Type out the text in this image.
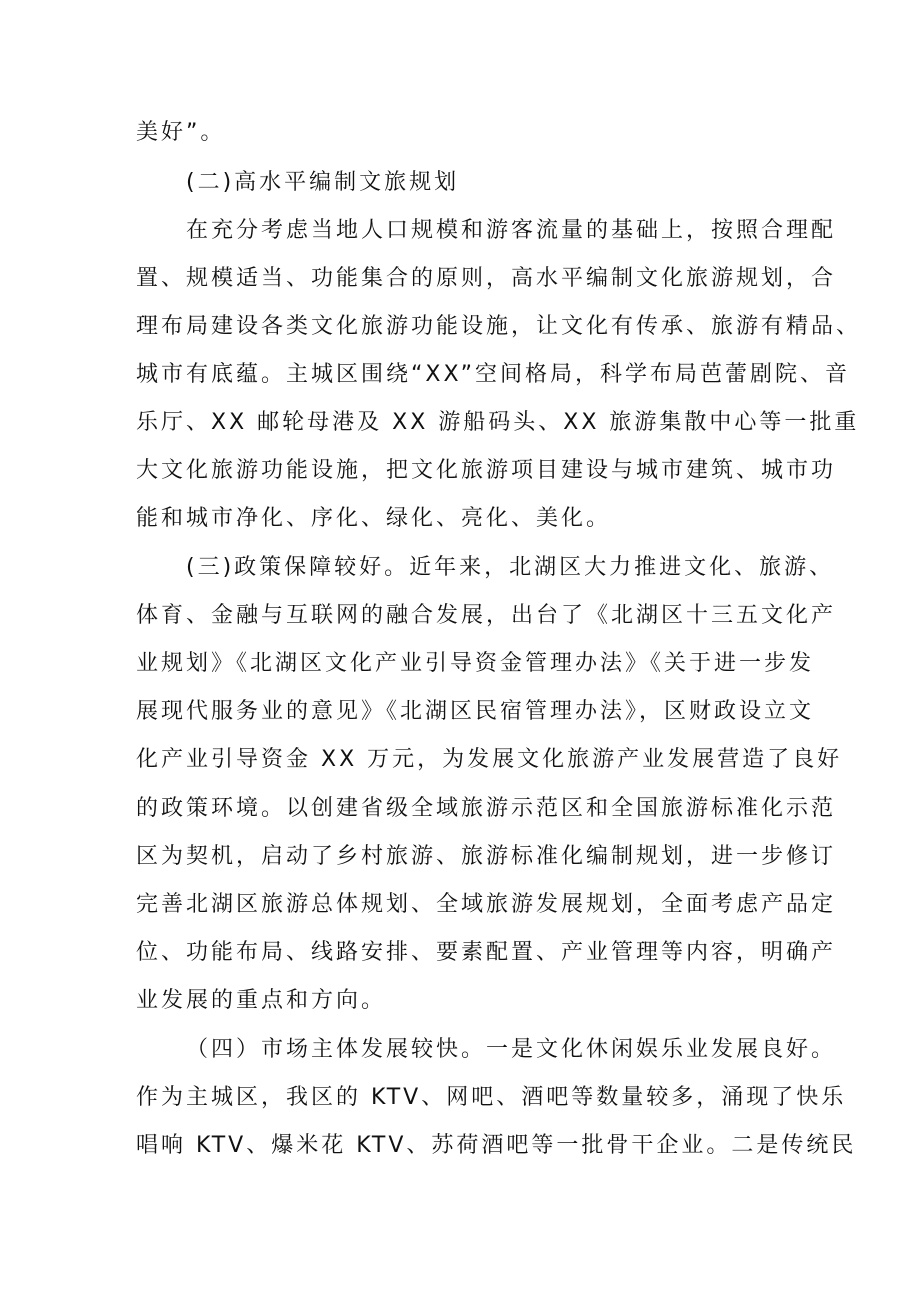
美好”。

(二)高水平编制文旅规划

在充分考虑当地人口规模和游客流量的基础上，按照合理配

置、规模适当、功能集合的原则，高水平编制文化旅游规划，合

理布局建设各类文化旅游功能设施，让文化有传承、旅游有精品、

城市有底蕴。主城区围绕“XX”空间格局，科学布局芭蕾剧院、音

乐厅、XX 邮轮母港及 XX 游船码头、XX 旅游集散中心等一批重

大文化旅游功能设施，把文化旅游项目建设与城市建筑、城市功

能和城市净化、序化、绿化、亮化、美化。

(三)政策保障较好。近年来，北湖区大力推进文化、旅游、

体育、金融与互联网的融合发展，出台了《北湖区十三五文化产

业规划》《北湖区文化产业引导资金管理办法》《关于进一步发

展现代服务业的意见》《北湖区民宿管理办法》，区财政设立文

化产业引导资金 XX 万元，为发展文化旅游产业发展营造了良好

的政策环境。以创建省级全域旅游示范区和全国旅游标准化示范

区为契机，启动了乡村旅游、旅游标准化编制规划，进一步修订

完善北湖区旅游总体规划、全域旅游发展规划，全面考虑产品定

位、功能布局、线路安排、要素配置、产业管理等内容，明确产

业发展的重点和方向。

（四）市场主体发展较快。一是文化休闲娱乐业发展良好。

作为主城区，我区的 KTV、网吧、酒吧等数量较多，涌现了快乐

唱响 KTV、爆米花 KTV、苏荷酒吧等一批骨干企业。二是传统民
